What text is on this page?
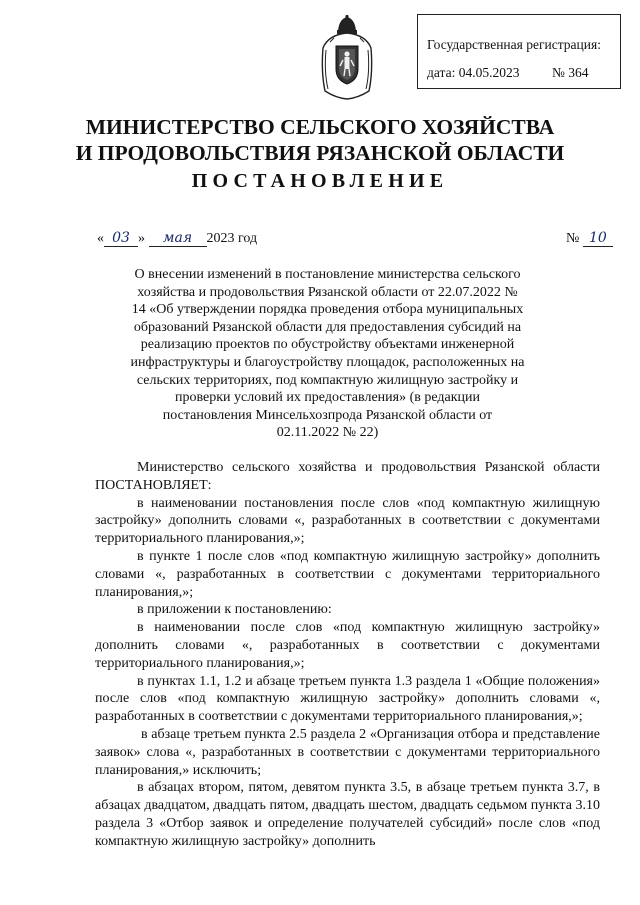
Государственная регистрация:
дата: 04.05.2023 № 364
МИНИСТЕРСТВО СЕЛЬСКОГО ХОЗЯЙСТВА
И ПРОДОВОЛЬСТВИЯ РЯЗАНСКОЙ ОБЛАСТИ
ПОСТАНОВЛЕНИЕ
« 03 » мая 2023 год	№ 10
О внесении изменений в постановление министерства сельского хозяйства и продовольствия Рязанской области от 22.07.2022 № 14 «Об утверждении порядка проведения отбора муниципальных образований Рязанской области для предоставления субсидий на реализацию проектов по обустройству объектами инженерной инфраструктуры и благоустройству площадок, расположенных на сельских территориях, под компактную жилищную застройку и проверки условий их предоставления» (в редакции постановления Минсельхозпрода Рязанской области от 02.11.2022 № 22)

Министерство сельского хозяйства и продовольствия Рязанской области ПОСТАНОВЛЯЕТ:

в наименовании постановления после слов «под компактную жилищную застройку» дополнить словами «, разработанных в соответствии с документами территориального планирования,»;

в пункте 1 после слов «под компактную жилищную застройку» дополнить словами «, разработанных в соответствии с документами территориального планирования,»;

в приложении к постановлению:

в наименовании после слов «под компактную жилищную застройку» дополнить словами «, разработанных в соответствии с документами территориального планирования,»;

в пунктах 1.1, 1.2 и абзаце третьем пункта 1.3 раздела 1 «Общие положения» после слов «под компактную жилищную застройку» дополнить словами «, разработанных в соответствии с документами территориального планирования,»;

в абзаце третьем пункта 2.5 раздела 2 «Организация отбора и представление заявок» слова «, разработанных в соответствии с документами территориального планирования,» исключить;

в абзацах втором, пятом, девятом пункта 3.5, в абзаце третьем пункта 3.7, в абзацах двадцатом, двадцать пятом, двадцать шестом, двадцать седьмом пункта 3.10 раздела 3 «Отбор заявок и определение получателей субсидий» после слов «под компактную жилищную застройку» дополнить
